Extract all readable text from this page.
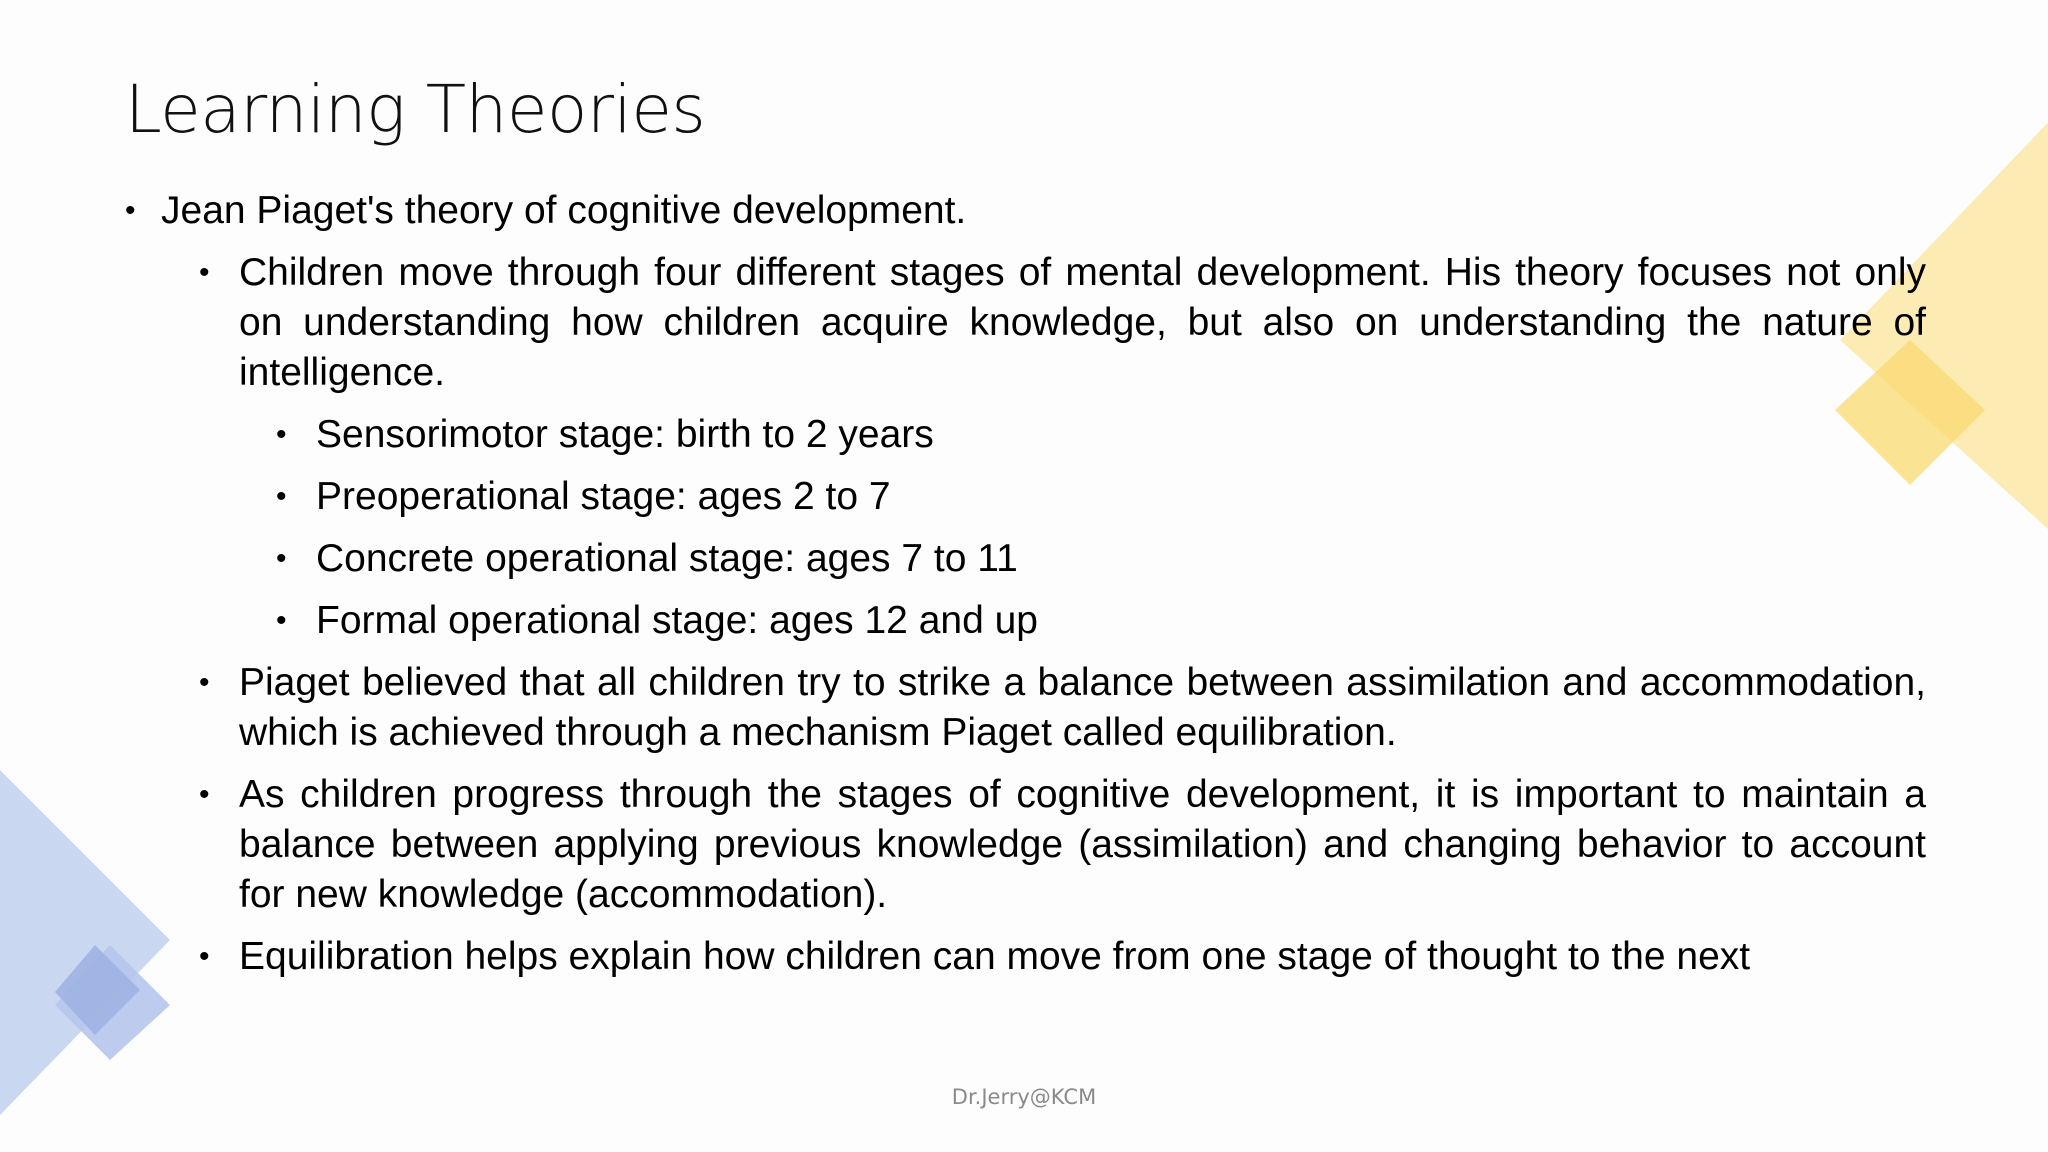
Learning Theories
• Jean Piaget's theory of cognitive development.
• Children move through four different stages of mental development. His theory focuses not only on understanding how children acquire knowledge, but also on understanding the nature of intelligence.
• Sensorimotor stage: birth to 2 years
• Preoperational stage: ages 2 to 7
• Concrete operational stage: ages 7 to 11
• Formal operational stage: ages 12 and up
• Piaget believed that all children try to strike a balance between assimilation and accommodation, which is achieved through a mechanism Piaget called equilibration.
• As children progress through the stages of cognitive development, it is important to maintain a balance between applying previous knowledge (assimilation) and changing behavior to account for new knowledge (accommodation).
• Equilibration helps explain how children can move from one stage of thought to the next
Dr.Jerry@KCM
